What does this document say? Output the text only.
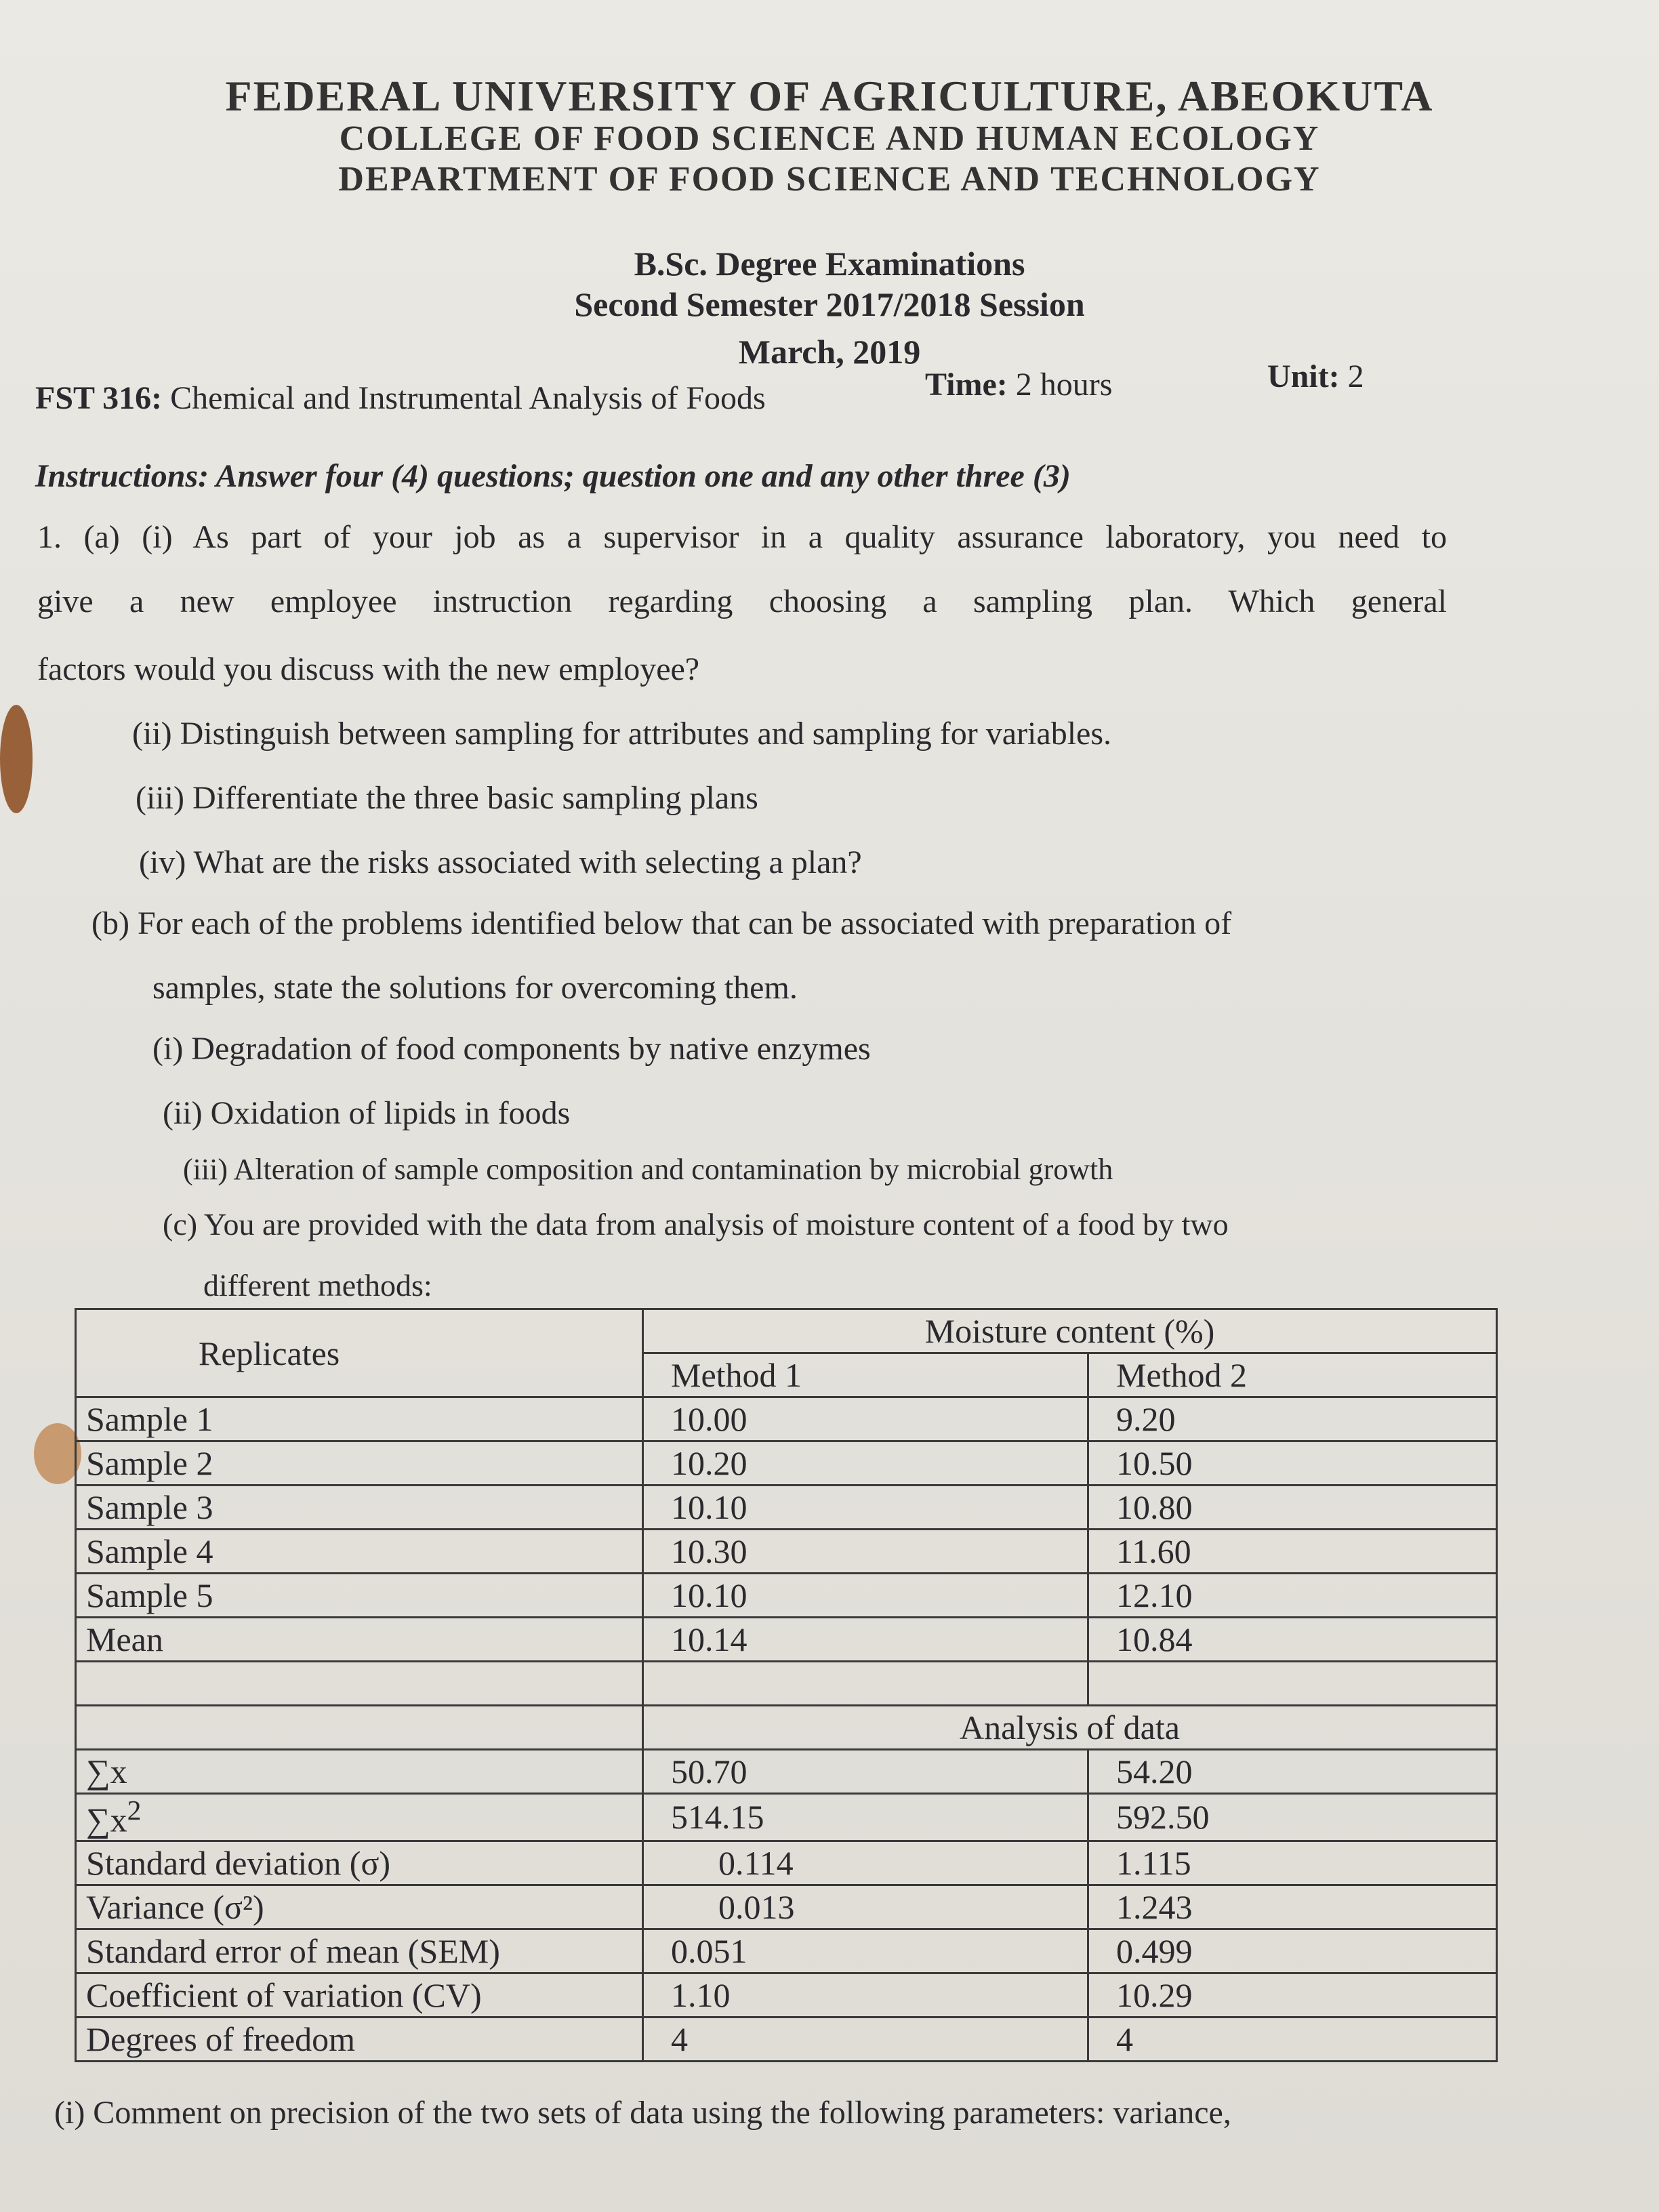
FEDERAL UNIVERSITY OF AGRICULTURE, ABEOKUTA
COLLEGE OF FOOD SCIENCE AND HUMAN ECOLOGY
DEPARTMENT OF FOOD SCIENCE AND TECHNOLOGY
B.Sc. Degree Examinations
Second Semester 2017/2018 Session
March, 2019
FST 316: Chemical and Instrumental Analysis of Foods	Time: 2 hours	Unit: 2
Instructions: Answer four (4) questions; question one and any other three (3)
1. (a) (i) As part of your job as a supervisor in a quality assurance laboratory, you need to
give a new employee instruction regarding choosing a sampling plan. Which general
factors would you discuss with the new employee?
(ii) Distinguish between sampling for attributes and sampling for variables.
(iii) Differentiate the three basic sampling plans
(iv) What are the risks associated with selecting a plan?
(b) For each of the problems identified below that can be associated with preparation of
samples, state the solutions for overcoming them.
(i) Degradation of food components by native enzymes
(ii) Oxidation of lipids in foods
(iii) Alteration of sample composition and contamination by microbial growth
(c) You are provided with the data from analysis of moisture content of a food by two
different methods:
Replicates	Moisture content (%)	
	Method 1	Method 2
Sample 1	10.00	9.20
Sample 2	10.20	10.50
Sample 3	10.10	10.80
Sample 4	10.30	11.60
Sample 5	10.10	12.10
Mean	10.14	10.84

	Analysis of data	
∑x	50.70	54.20
$\sum x^2$	514.15	592.50
Standard deviation (σ)	0.114	1.115
Variance (σ²)	0.013	1.243
Standard error of mean (SEM)	0.051	0.499
Coefficient of variation (CV)	1.10	10.29
Degrees of freedom	4	4
(i) Comment on precision of the two sets of data using the following parameters: variance,
